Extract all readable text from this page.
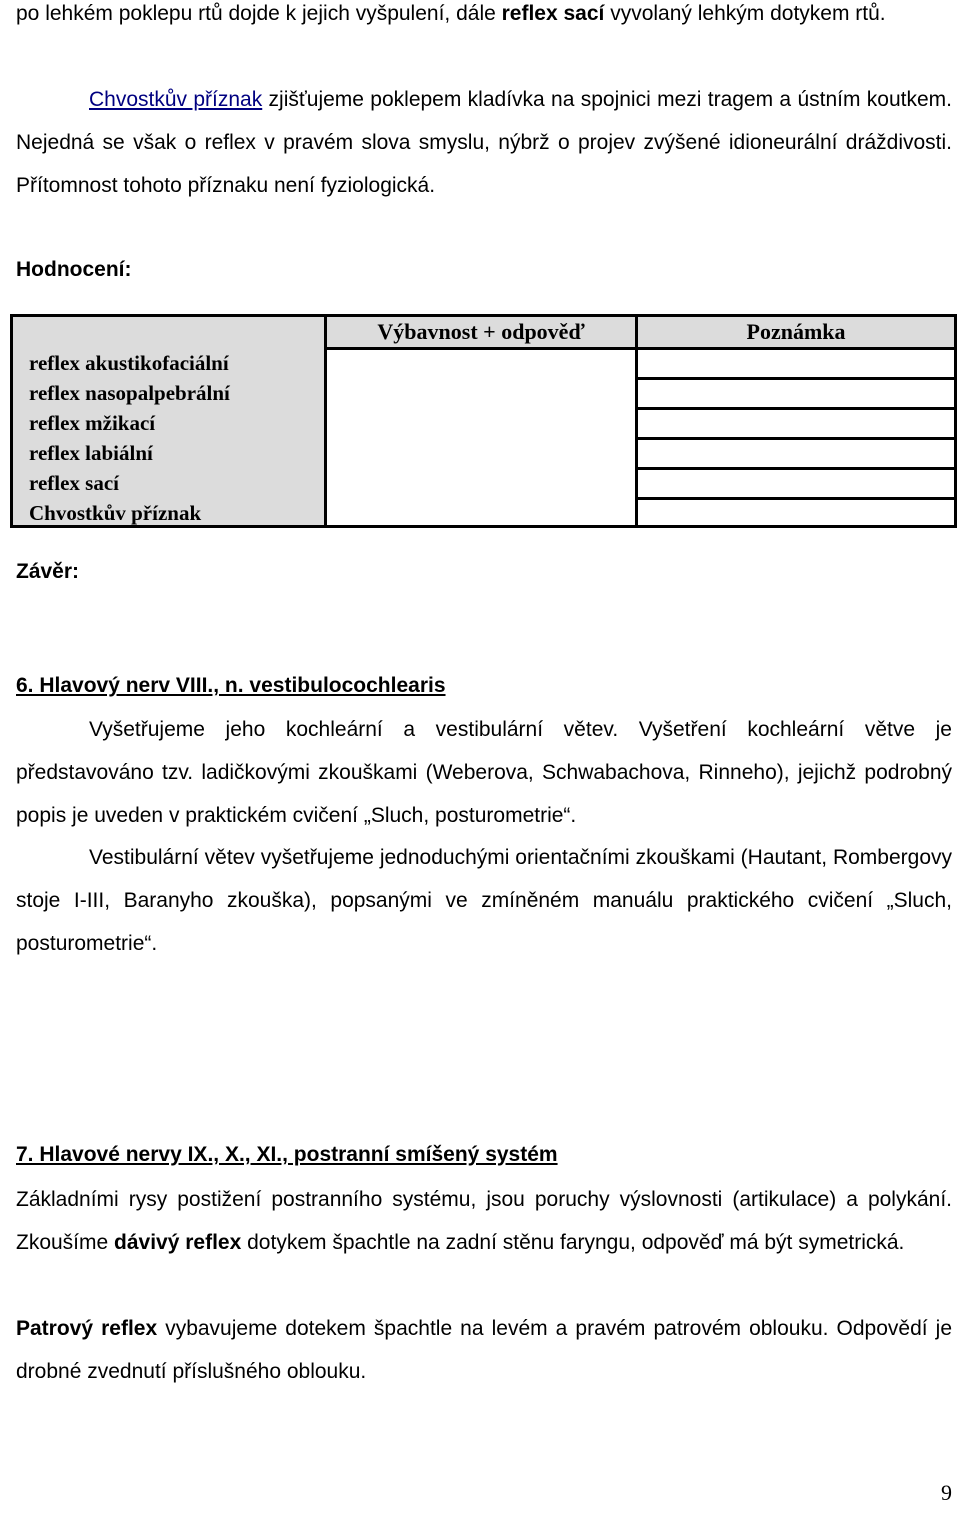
po lehkém poklepu rtů dojde k jejich vyšpulení, dále reflex sací vyvolaný lehkým dotykem rtů.
Chvostkův příznak zjišťujeme poklepem kladívka na spojnici mezi tragem a ústním koutkem. Nejedná se však o reflex v pravém slova smyslu, nýbrž o projev zvýšené idioneurální dráždivosti. Přítomnost tohoto příznaku není fyziologická.
Hodnocení:
reflex akustikofaciální
reflex nasopalpebrální
reflex mžikací
reflex labiální
reflex sací
Chvostkův příznak
Výbavnost + odpověď	Poznámka
Závěr:
6. Hlavový nerv VIII., n. vestibulocochlearis
Vyšetřujeme jeho kochleární a vestibulární větev. Vyšetření kochleární větve je představováno tzv. ladičkovými zkouškami (Weberova, Schwabachova, Rinneho), jejichž podrobný popis je uveden v praktickém cvičení „Sluch, posturometrie“.
Vestibulární větev vyšetřujeme jednoduchými orientačními zkouškami (Hautant, Rombergovy stoje I-III, Baranyho zkouška), popsanými ve zmíněném manuálu praktického cvičení „Sluch, posturometrie“.
7. Hlavové nervy IX., X., XI., postranní smíšený systém
Základními rysy postižení postranního systému, jsou poruchy výslovnosti (artikulace) a polykání. Zkoušíme dávivý reflex dotykem špachtle na zadní stěnu faryngu, odpověď má být symetrická.
Patrový reflex vybavujeme dotekem špachtle na levém a pravém patrovém oblouku. Odpovědí je drobné zvednutí příslušného oblouku.
9
